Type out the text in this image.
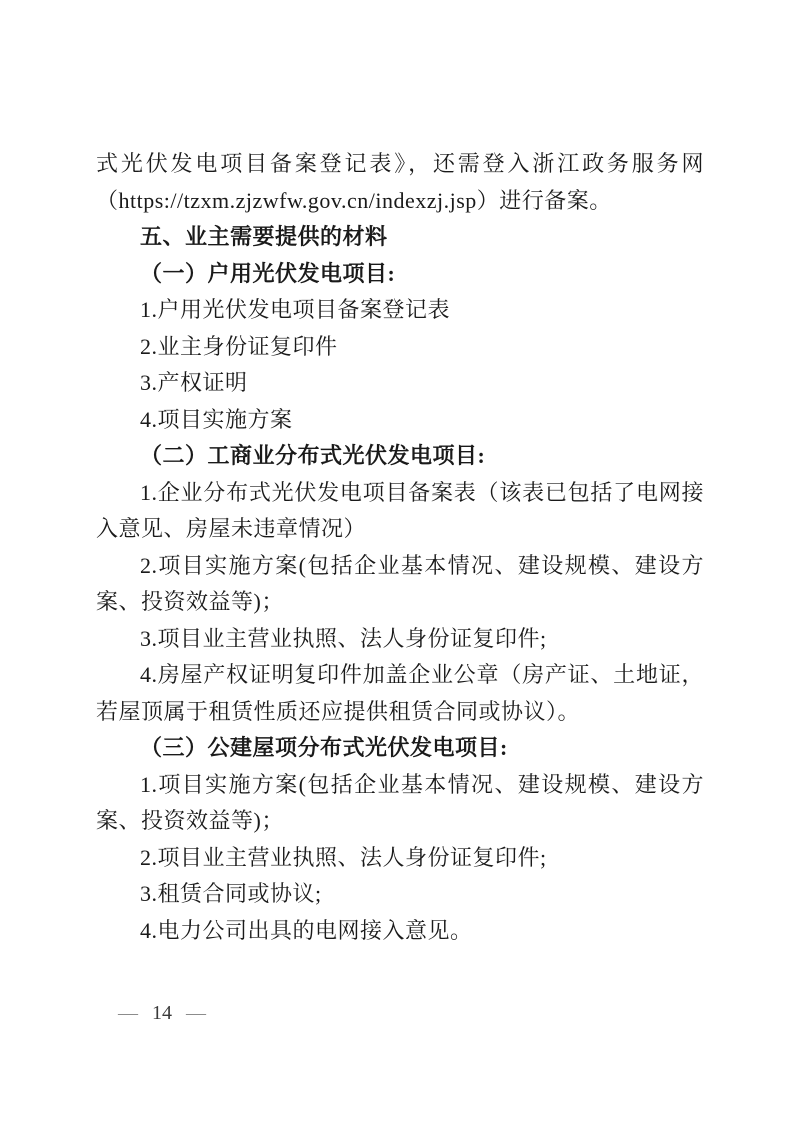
式光伏发电项目备案登记表》，还需登入浙江政务服务网（https://tzxm.zjzwfw.gov.cn/indexzj.jsp）进行备案。

五、业主需要提供的材料

（一）户用光伏发电项目:

1.户用光伏发电项目备案登记表

2.业主身份证复印件

3.产权证明

4.项目实施方案

（二）工商业分布式光伏发电项目:

1.企业分布式光伏发电项目备案表（该表已包括了电网接入意见、房屋未违章情况）

2.项目实施方案(包括企业基本情况、建设规模、建设方案、投资效益等)；

3.项目业主营业执照、法人身份证复印件;

4.房屋产权证明复印件加盖企业公章（房产证、土地证，若屋顶属于租赁性质还应提供租赁合同或协议）。

（三）公建屋项分布式光伏发电项目:

1.项目实施方案(包括企业基本情况、建设规模、建设方案、投资效益等)；

2.项目业主营业执照、法人身份证复印件;

3.租赁合同或协议;

4.电力公司出具的电网接入意见。

— 14 —
